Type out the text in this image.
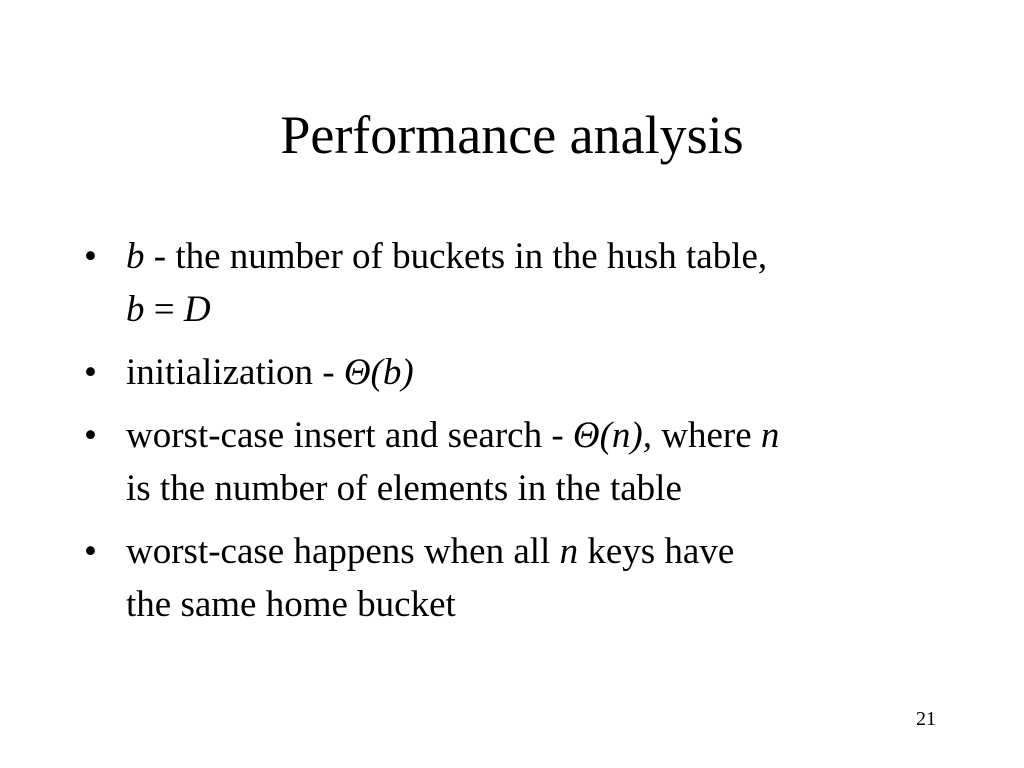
Performance analysis
• b - the number of buckets in the hush table,
b = D
• initialization - Θ(b)
• worst-case insert and search - Θ(n), where n
is the number of elements in the table
• worst-case happens when all n keys have
the same home bucket
21
